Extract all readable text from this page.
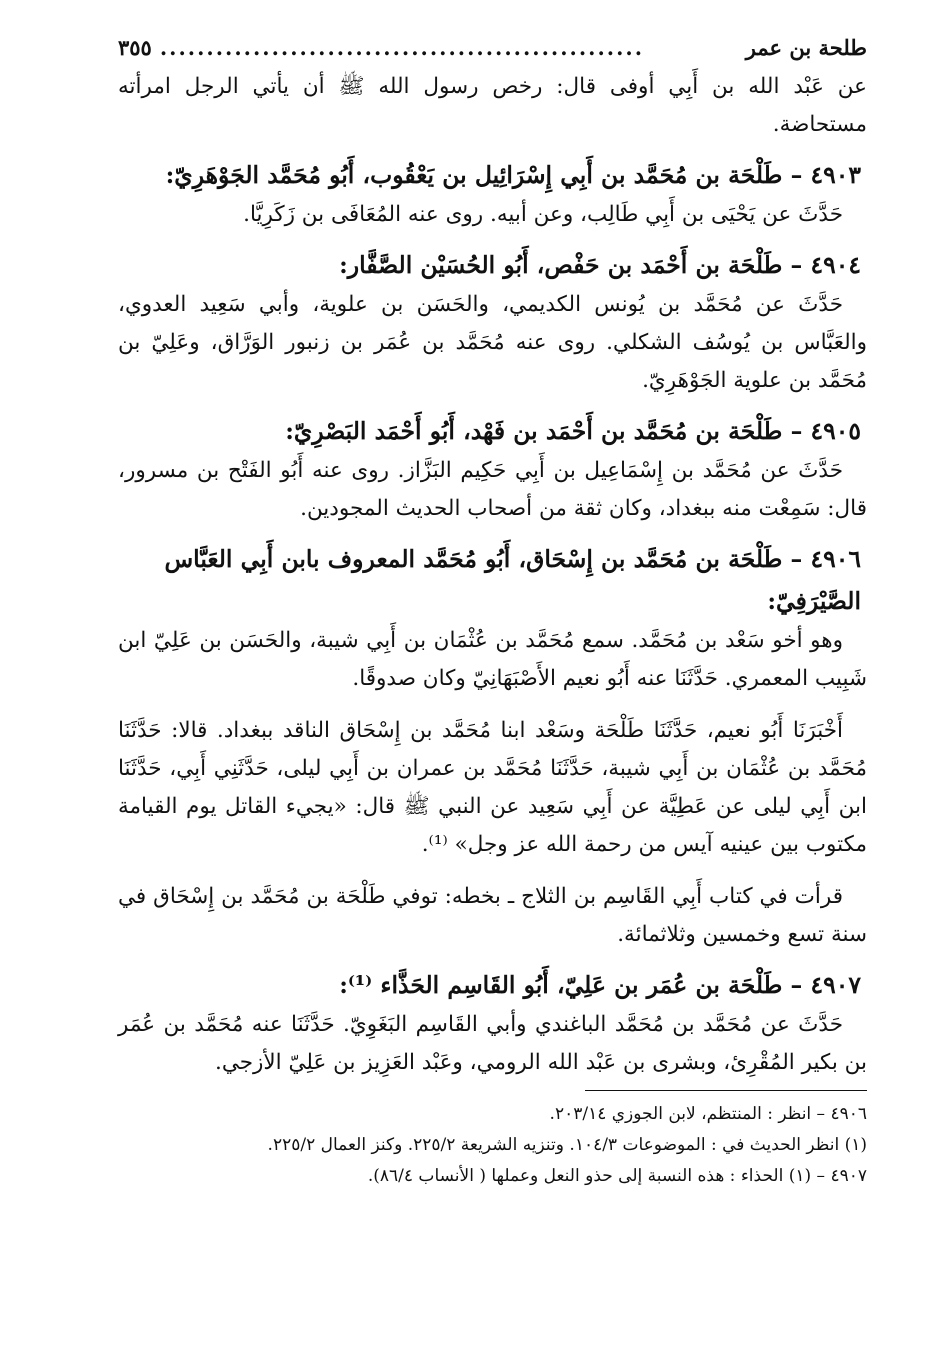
طلحة بن عمر
....................................................
٣٥٥

عن عَبْد الله بن أَبِي أوفى قال: رخص رسول الله ﷺ أن يأتي الرجل امرأته مستحاضة.

٤٩٠٣ – طَلْحَة بن مُحَمَّد بن أَبِي إِسْرَائِيل بن يَعْقُوب، أَبُو مُحَمَّد الجَوْهَرِيّ:

حَدَّثَ عن يَحْيَى بن أَبِي طَالِب، وعن أبيه. روى عنه المُعَافَى بن زَكَرِيَّا.

٤٩٠٤ – طَلْحَة بن أَحْمَد بن حَفْص، أَبُو الحُسَيْن الصَّفَّار:

حَدَّثَ عن مُحَمَّد بن يُونس الكديمي، والحَسَن بن علوية، وأبي سَعِيد العدوي، والعَبَّاس بن يُوسُف الشكلي. روى عنه مُحَمَّد بن عُمَر بن زنبور الوَرَّاق، وعَلِيّ بن مُحَمَّد بن علوية الجَوْهَرِيّ.

٤٩٠٥ – طَلْحَة بن مُحَمَّد بن أَحْمَد بن فَهْد، أَبُو أَحْمَد البَصْرِيّ:

حَدَّثَ عن مُحَمَّد بن إِسْمَاعِيل بن أَبِي حَكِيم البَزَّاز. روى عنه أَبُو الفَتْح بن مسرور، قال: سَمِعْت منه ببغداد، وكان ثقة من أصحاب الحديث المجودين.

٤٩٠٦ – طَلْحَة بن مُحَمَّد بن إِسْحَاق، أَبُو مُحَمَّد المعروف بابن أَبِي العَبَّاس الصَّيْرَفِيّ:

وهو أخو سَعْد بن مُحَمَّد. سمع مُحَمَّد بن عُثْمَان بن أَبِي شيبة، والحَسَن بن عَلِيّ ابن شَبِيب المعمري. حَدَّثَنَا عنه أَبُو نعيم الأَصْبَهَانِيّ وكان صدوقًا.

أَخْبَرَنَا أَبُو نعيم، حَدَّثَنَا طَلْحَة وسَعْد ابنا مُحَمَّد بن إِسْحَاق الناقد ببغداد. قالا: حَدَّثَنَا مُحَمَّد بن عُثْمَان بن أَبِي شيبة، حَدَّثَنَا مُحَمَّد بن عمران بن أَبِي ليلى، حَدَّثَنِي أَبِي، حَدَّثَنَا ابن أَبِي ليلى عن عَطِيَّة عن أَبِي سَعِيد عن النبي ﷺ قال: «يجيء القاتل يوم القيامة مكتوب بين عينيه آيس من رحمة الله عز وجل» ⁽¹⁾.

قرأت في كتاب أَبِي القَاسِم بن الثلاج ـ بخطه: توفي طَلْحَة بن مُحَمَّد بن إِسْحَاق في سنة تسع وخمسين وثلاثمائة.

٤٩٠٧ – طَلْحَة بن عُمَر بن عَلِيّ، أَبُو القَاسِم الحَذَّاء ⁽¹⁾:

حَدَّثَ عن مُحَمَّد بن مُحَمَّد الباغندي وأبي القَاسِم البَغَوِيّ. حَدَّثَنَا عنه مُحَمَّد بن عُمَر بن بكير المُقْرِئ، وبشرى بن عَبْد الله الرومي، وعَبْد العَزِيز بن عَلِيّ الأزجي.

٤٩٠٦ – انظر : المنتظم، لابن الجوزي ٢٠٣/١٤.

(١) انظر الحديث في : الموضوعات ١٠٤/٣. وتنزيه الشريعة ٢٢٥/٢. وكنز العمال ٢٢٥/٢.

٤٩٠٧ – (١) الحذاء : هذه النسبة إلى حذو النعل وعملها ( الأنساب ٨٦/٤).
